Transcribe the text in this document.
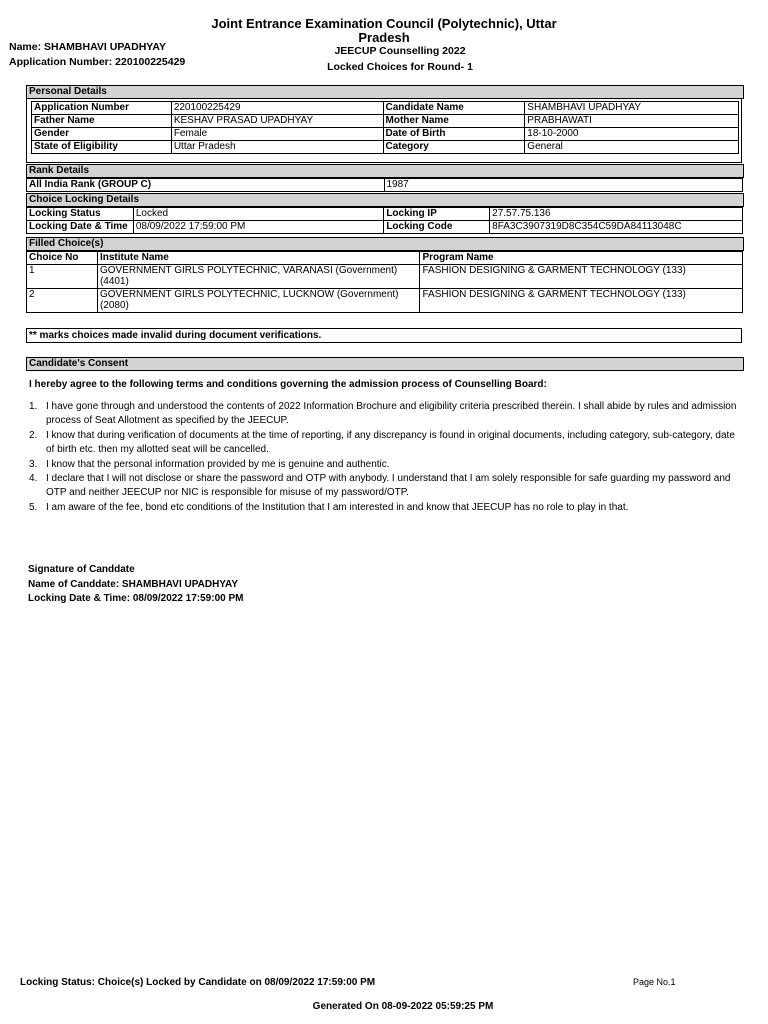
Joint Entrance Examination Council (Polytechnic), Uttar
Pradesh
JEECUP Counselling 2022
Locked Choices for Round- 1
Name: SHAMBHAVI UPADHYAY
Application Number: 220100225429
Personal Details
Application Number	220100225429	Candidate Name	SHAMBHAVI UPADHYAY
Father Name	KESHAV PRASAD UPADHYAY	Mother Name	PRABHAWATI
Gender	Female	Date of Birth	18-10-2000
State of Eligibility	Uttar Pradesh	Category	General
Rank Details
All India Rank (GROUP C)	1987
Choice Locking Details
Locking Status	Locked	Locking IP	27.57.75.136
Locking Date & Time	08/09/2022 17:59:00 PM	Locking Code	8FA3C3907319D8C354C59DA84113048C
Filled Choice(s)
Choice No	Institute Name	Program Name
1	GOVERNMENT GIRLS POLYTECHNIC, VARANASI (Government) (4401)	FASHION DESIGNING & GARMENT TECHNOLOGY (133)
2	GOVERNMENT GIRLS POLYTECHNIC, LUCKNOW (Government) (2080)	FASHION DESIGNING & GARMENT TECHNOLOGY (133)
** marks choices made invalid during document verifications.
Candidate's Consent
I hereby agree to the following terms and conditions governing the admission process of Counselling Board:
1. I have gone through and understood the contents of 2022 Information Brochure and eligibility criteria prescribed therein. I shall abide by rules and admission process of Seat Allotment as specified by the JEECUP.
2. I know that during verification of documents at the time of reporting, if any discrepancy is found in original documents, including category, sub-category, date of birth etc. then my allotted seat will be cancelled.
3. I know that the personal information provided by me is genuine and authentic.
4. I declare that I will not disclose or share the password and OTP with anybody. I understand that I am solely responsible for safe guarding my password and OTP and neither JEECUP nor NIC is responsible for misuse of my password/OTP.
5. I am aware of the fee, bond etc conditions of the Institution that I am interested in and know that JEECUP has no role to play in that.
Signature of Canddate
Name of Canddate: SHAMBHAVI UPADHYAY
Locking Date & Time: 08/09/2022 17:59:00 PM
Locking Status: Choice(s) Locked by Candidate on 08/09/2022 17:59:00 PM	Page No.1
Generated On 08-09-2022 05:59:25 PM
